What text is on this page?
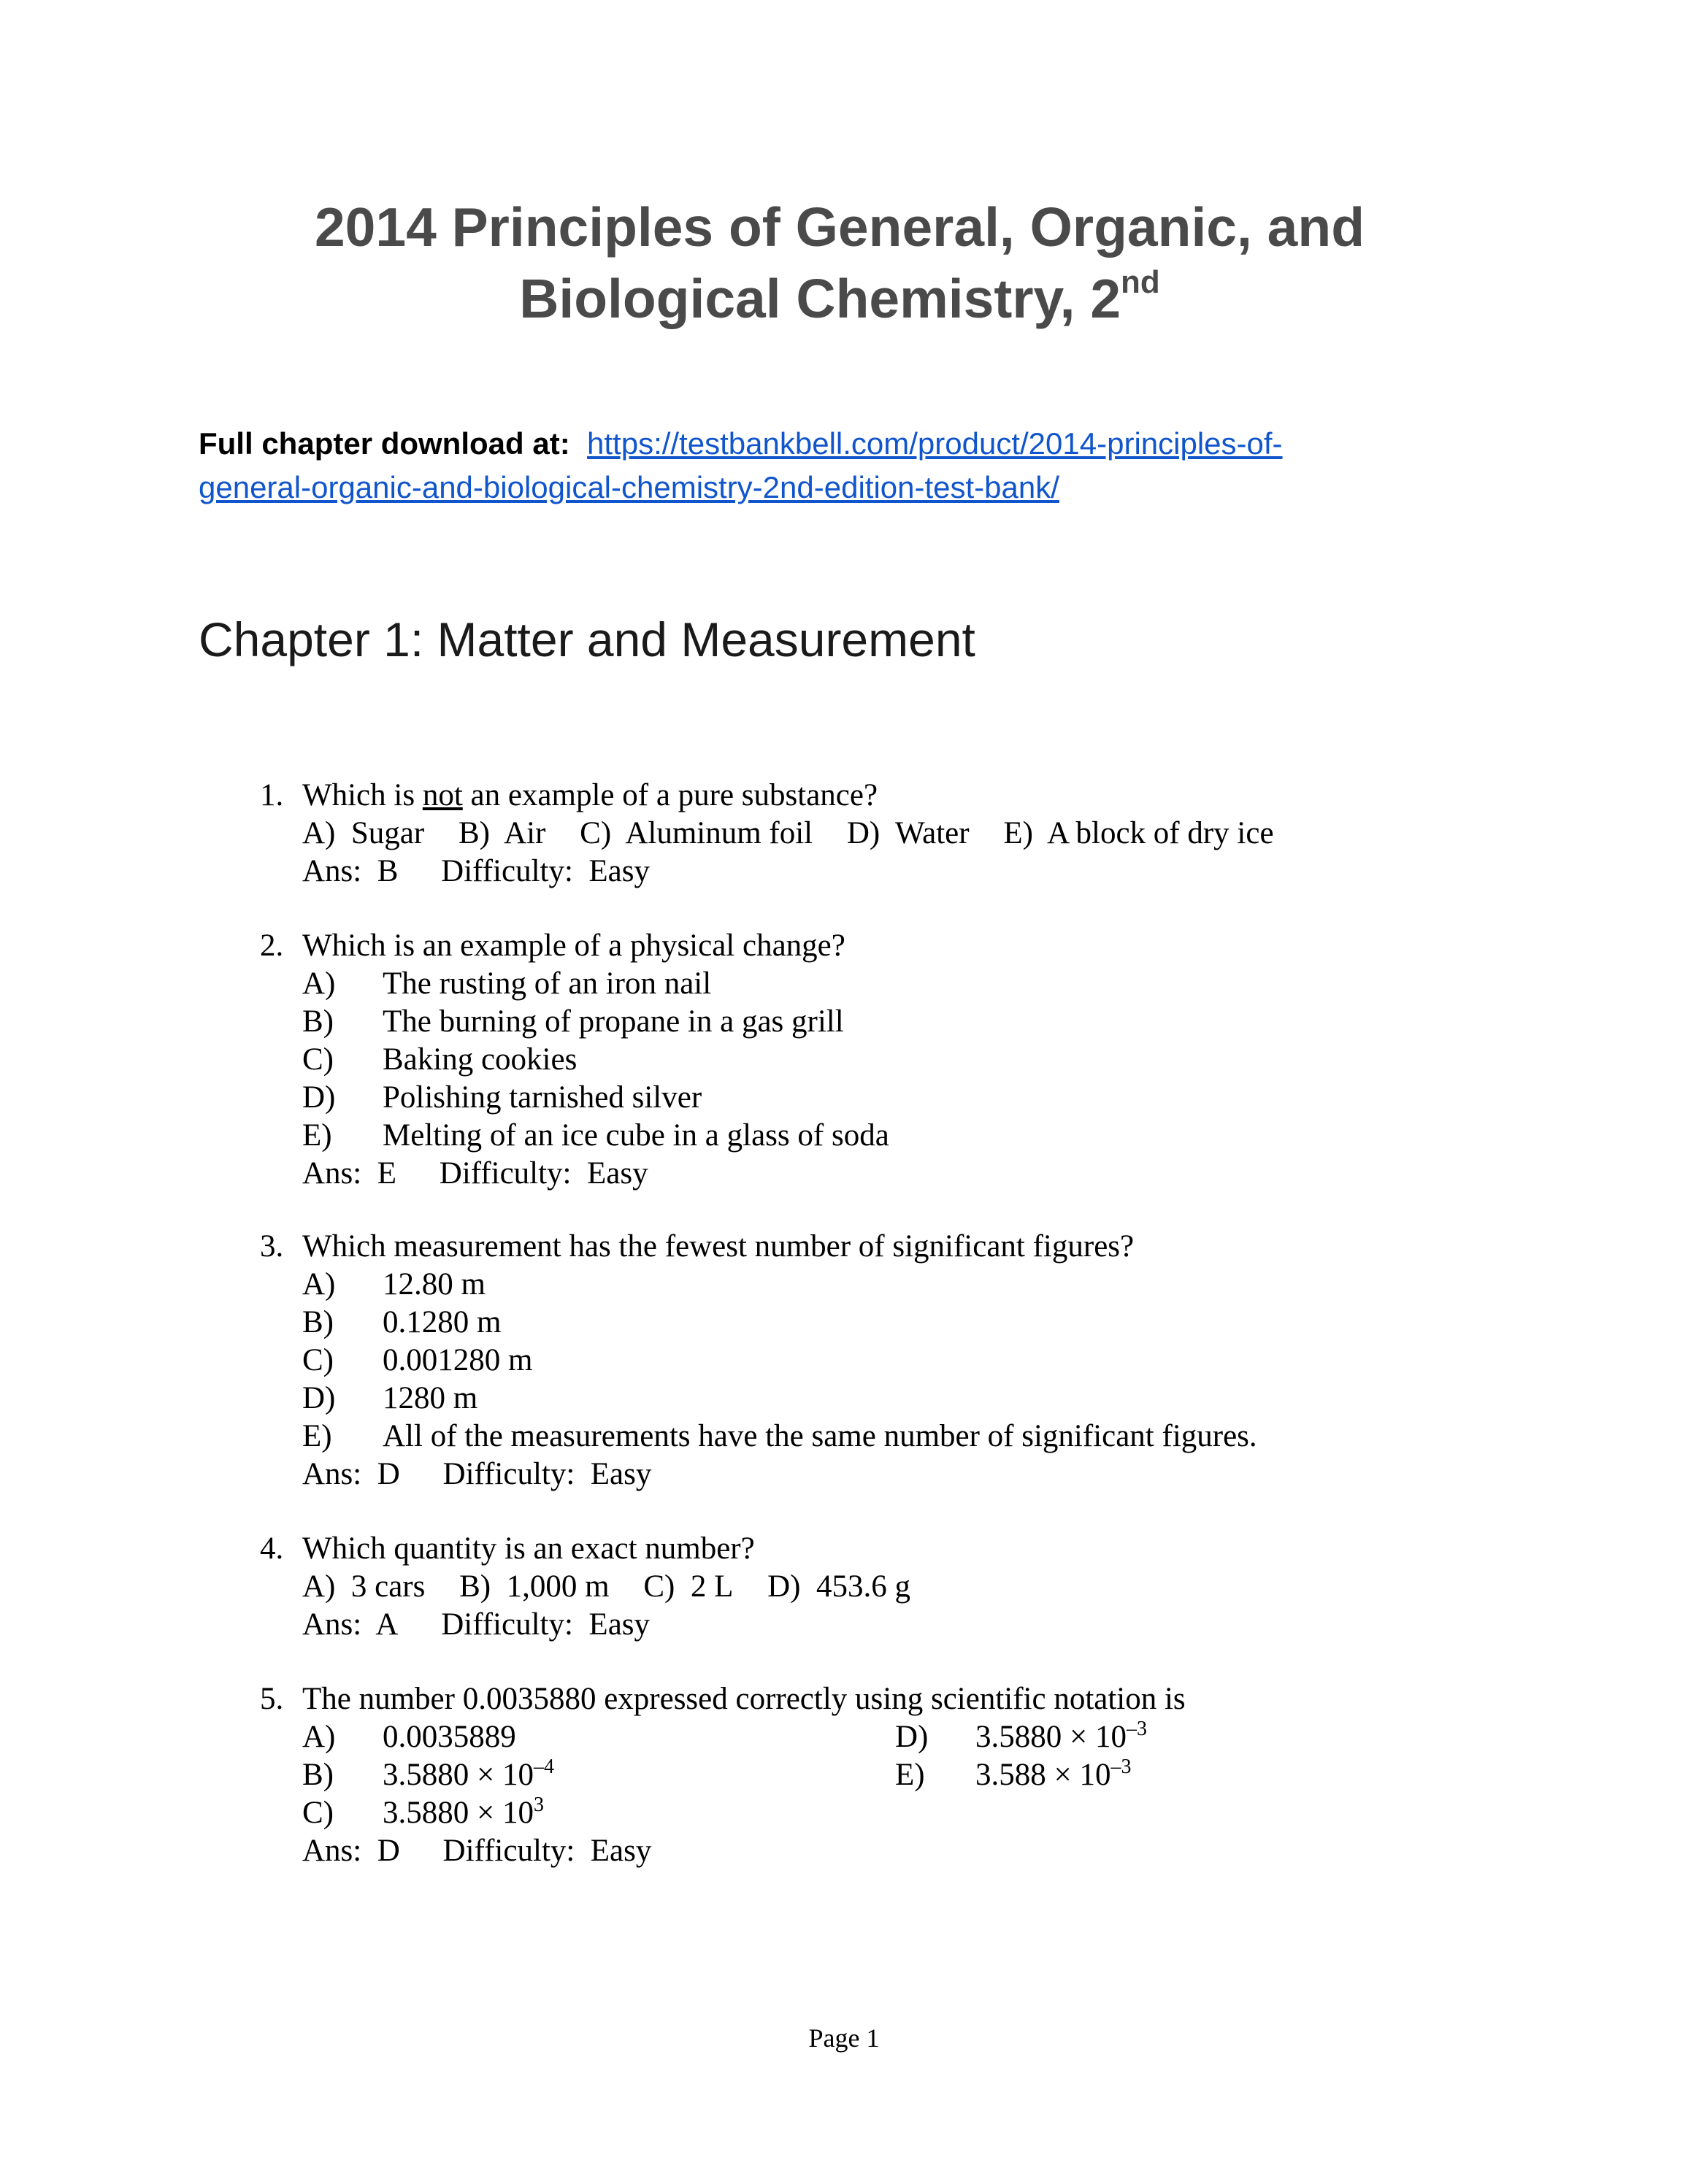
2014 Principles of General, Organic, and
Biological Chemistry, 2nd
Full chapter download at: https://testbankbell.com/product/2014-principles-of-
general-organic-and-biological-chemistry-2nd-edition-test-bank/
Chapter 1: Matter and Measurement
1. Which is not an example of a pure substance?
A) Sugar B) Air C) Aluminum foil D) Water E) A block of dry ice
Ans: B Difficulty: Easy
2. Which is an example of a physical change?
A) The rusting of an iron nail
B) The burning of propane in a gas grill
C) Baking cookies
D) Polishing tarnished silver
E) Melting of an ice cube in a glass of soda
Ans: E Difficulty: Easy
3. Which measurement has the fewest number of significant figures?
A) 12.80 m
B) 0.1280 m
C) 0.001280 m
D) 1280 m
E) All of the measurements have the same number of significant figures.
Ans: D Difficulty: Easy
4. Which quantity is an exact number?
A) 3 cars B) 1,000 m C) 2 L D) 453.6 g
Ans: A Difficulty: Easy
5. The number 0.0035880 expressed correctly using scientific notation is
A) 0.0035889
B) $3.5880 \times 10^{-4}$
C) $3.5880 \times 10^3$
D) $3.5880 \times 10^{-3}$
E) $3.588 \times 10^{-3}$
Ans: D Difficulty: Easy
Page 1
